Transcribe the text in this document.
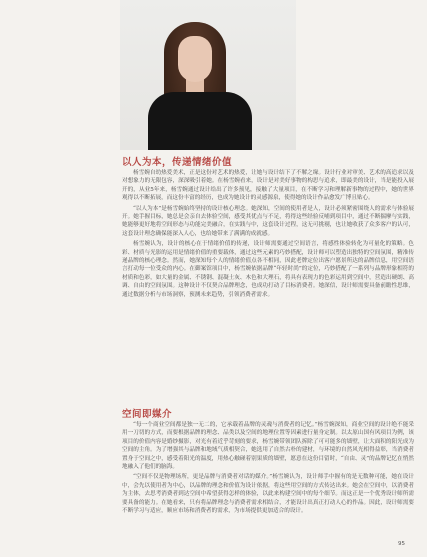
以人为本，传递情绪价值

杨雪婉自幼热爱美术，正是这份对艺术的热爱，让她与设计结下了不解之缘。设计行业对审美、艺术的高追求以及对想象力的无限包容，深深吸引着她。在杨雪婉看来，设计是对美好事物的构思与追求，即最美的设计，当是能投入展开的，从业5年来，杨雪婉通过设计给出了许多预见，接触了大量项目，在不断学习和理解新事物的过程中，她的世界观得以不断拓展，而这份丰富的经历，也成为她设计的灵感源泉，使得她的设计作品愈发广博且贴心。

“以人为本”是杨雪婉始终坚持的设计核心理念。她深知，空间的使用者是人，设计必须紧密围绕人的需求与体验展开。她手握目标，她总是会亲自去体验空间，感受其优点与不足，将得这些经验反哺到项目中，通过不断揣摩与实践，她能够更好地将空间形态与功能完美融合，在实践与中，这套设计过程，这无可挑剔，也让她收获了众多客户的认可，这套设计理念确保能深入人心，也给她带来了满满的成就感。

杨雪婉认为，设计的核心在于情绪价值的传递，设计师需要通过空间语言，将感性体验转化为可量化的策略。色彩、材质与光影的运用是情绪价值的重要载体，通过这些元素的巧妙搭配，设计师可以塑造出独特的空间氛围，精准传递品牌的核心理念。然而，她深知每个人的情绪价值点各不相同，因此老牌定位出客户愿景所达的品牌信息，用空间语言打动每一位受众的内心。在御案馆项目中，杨雪婉依据品牌“年轻时尚”的定位，巧妙搭配了一系列与品牌形象相符的材质和色彩，如大量的金属、不锈钢、混凝土灰、木色和大理石，将具有表现力的色彩运用到空间中，营造出硬朗、高调、自由的空间氛围。这种设计不仅契合品牌理念，也成功打动了目标消费者。她深信，设计师需要具备前瞻性思维，通过数据分析与市场洞察，预测未来趋势，引领消费者需求。

空间即媒介

“每一个商业空间都是独一无二的，它承载着品牌的灵魂与消费者的记忆。”杨雪婉深知，商业空间的设计绝不能采用一刀切的方式，而要根据品牌的理念、品类以及空间的地理位置等因素进行量身定制。以太原山国有风项目为例，该项目的价值内容是婚纱摄影，对光有着近乎苛刻的要求，杨雪婉带领团队拆除了可可能多的墙壁，让大面积的阳光成为空间的主角。为了增强其与品牌和地域气质相契合，她选用了自然古朴的建材，与环境的自然风光相得益彰，当消费者置身于空间之中，感受着阳光的温度，用热心触碰着别果质的墙壁，愿意在这份目留时，“自由、灵”的品牌记忆在悄然地融入了他们的脑海。

“空间不仅是物理场所，更是品牌与消费者对话的媒介。”杨雪婉认为，设计师手中握有的是无数种可能，她在设计中，会先以使用者为中心，以品牌的理念和价值为设计依据，将这些用空间的方式传达出来。她会在空间中，以消费者为主体，去思考消费者到达空间中希望获得怎样的体验，以此来构建空间中的每个细节。而这正是一个优秀设计师所需要具备的能力。在她看来，只有将品牌理念与消费者需求相结合，才能设计出真正打动人心的作品。因此，设计师需要不断学习与适应，顺应市场和消费者的需求，为市场提供更加适合的设计。

95
